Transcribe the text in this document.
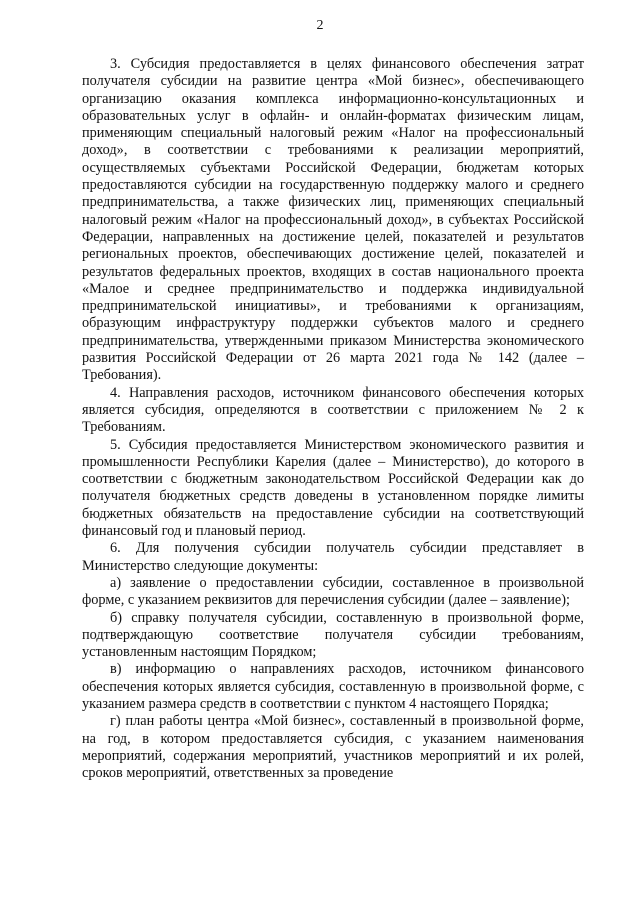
2

3. Субсидия предоставляется в целях финансового обеспечения затрат получателя субсидии на развитие центра «Мой бизнес», обеспечивающего организацию оказания комплекса информационно-консультационных и образовательных услуг в офлайн- и онлайн-форматах физическим лицам, применяющим специальный налоговый режим «Налог на профессиональный доход», в соответствии с требованиями к реализации мероприятий, осуществляемых субъектами Российской Федерации, бюджетам которых предоставляются субсидии на государственную поддержку малого и среднего предпринимательства, а также физических лиц, применяющих специальный налоговый режим «Налог на профессиональный доход», в субъектах Российской Федерации, направленных на достижение целей, показателей и результатов региональных проектов, обеспечивающих достижение целей, показателей и результатов федеральных проектов, входящих в состав национального проекта «Малое и среднее предпринимательство и поддержка индивидуальной предпринимательской инициативы», и требованиями к организациям, образующим инфраструктуру поддержки субъектов малого и среднего предпринимательства, утвержденными приказом Министерства экономического развития Российской Федерации от 26 марта 2021 года № 142 (далее – Требования).

4. Направления расходов, источником финансового обеспечения которых является субсидия, определяются в соответствии с приложением № 2 к Требованиям.

5. Субсидия предоставляется Министерством экономического развития и промышленности Республики Карелия (далее – Министерство), до которого в соответствии с бюджетным законодательством Российской Федерации как до получателя бюджетных средств доведены в установленном порядке лимиты бюджетных обязательств на предоставление субсидии на соответствующий финансовый год и плановый период.

6. Для получения субсидии получатель субсидии представляет в Министерство следующие документы:

а) заявление о предоставлении субсидии, составленное в произвольной форме, с указанием реквизитов для перечисления субсидии (далее – заявление);

б) справку получателя субсидии, составленную в произвольной форме, подтверждающую соответствие получателя субсидии требованиям, установленным настоящим Порядком;

в) информацию о направлениях расходов, источником финансового обеспечения которых является субсидия, составленную в произвольной форме, с указанием размера средств в соответствии с пунктом 4 настоящего Порядка;

г) план работы центра «Мой бизнес», составленный в произвольной форме, на год, в котором предоставляется субсидия, с указанием наименования мероприятий, содержания мероприятий, участников мероприятий и их ролей, сроков мероприятий, ответственных за проведение
